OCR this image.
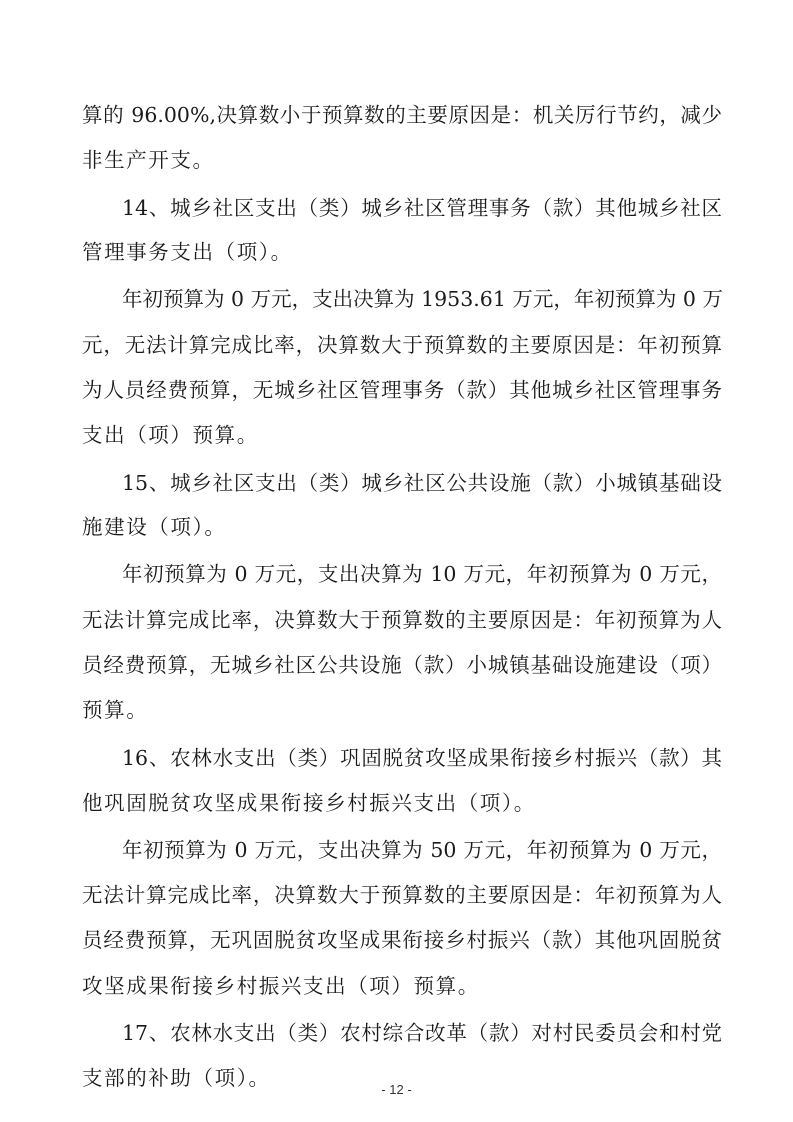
算的 96.00%,决算数小于预算数的主要原因是：机关厉行节约，减少
非生产开支。
14、城乡社区支出（类）城乡社区管理事务（款）其他城乡社区
管理事务支出（项）。
年初预算为 0 万元，支出决算为 1953.61 万元，年初预算为 0 万
元，无法计算完成比率，决算数大于预算数的主要原因是：年初预算
为人员经费预算，无城乡社区管理事务（款）其他城乡社区管理事务
支出（项）预算。
15、城乡社区支出（类）城乡社区公共设施（款）小城镇基础设
施建设（项）。
年初预算为 0 万元，支出决算为 10 万元，年初预算为 0 万元，
无法计算完成比率，决算数大于预算数的主要原因是：年初预算为人
员经费预算，无城乡社区公共设施（款）小城镇基础设施建设（项）
预算。
16、农林水支出（类）巩固脱贫攻坚成果衔接乡村振兴（款）其
他巩固脱贫攻坚成果衔接乡村振兴支出（项）。
年初预算为 0 万元，支出决算为 50 万元，年初预算为 0 万元，
无法计算完成比率，决算数大于预算数的主要原因是：年初预算为人
员经费预算，无巩固脱贫攻坚成果衔接乡村振兴（款）其他巩固脱贫
攻坚成果衔接乡村振兴支出（项）预算。
17、农林水支出（类）农村综合改革（款）对村民委员会和村党
支部的补助（项）。	- 12 -
